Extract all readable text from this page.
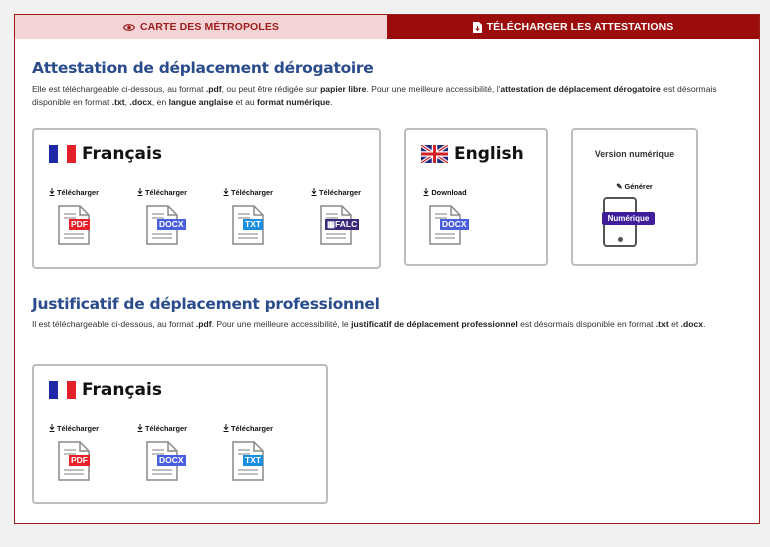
CARTE DES MÉTROPOLES	TÉLÉCHARGER LES ATTESTATIONS
Attestation de déplacement dérogatoire
Elle est téléchargeable ci-dessous, au format .pdf, ou peut être rédigée sur papier libre. Pour une meilleure accessibilité, l'attestation de déplacement dérogatoire est désormais disponible en format .txt, .docx, en langue anglaise et au format numérique.
Français
Télécharger
PDF
Télécharger
DOCX
Télécharger
TXT
Télécharger
▦FALC
English
Download
DOCX
Version numérique
✎ Générer
Numérique
Justificatif de déplacement professionnel
Il est téléchargeable ci-dessous, au format .pdf. Pour une meilleure accessibilité, le justificatif de déplacement professionnel est désormais disponible en format .txt et .docx.
Français
Télécharger
PDF
Télécharger
DOCX
Télécharger
TXT
